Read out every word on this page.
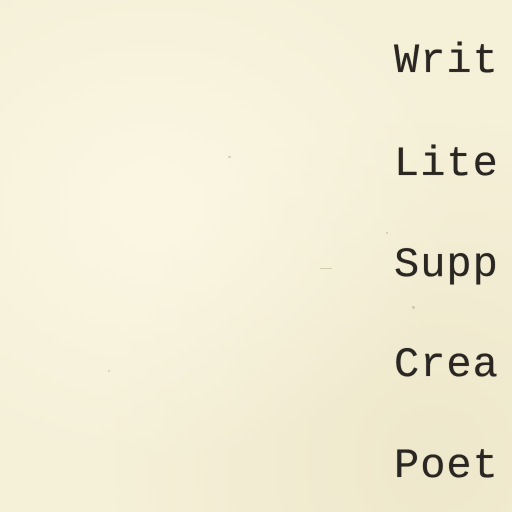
Writ

Lite

Supp

Crea

Poet
